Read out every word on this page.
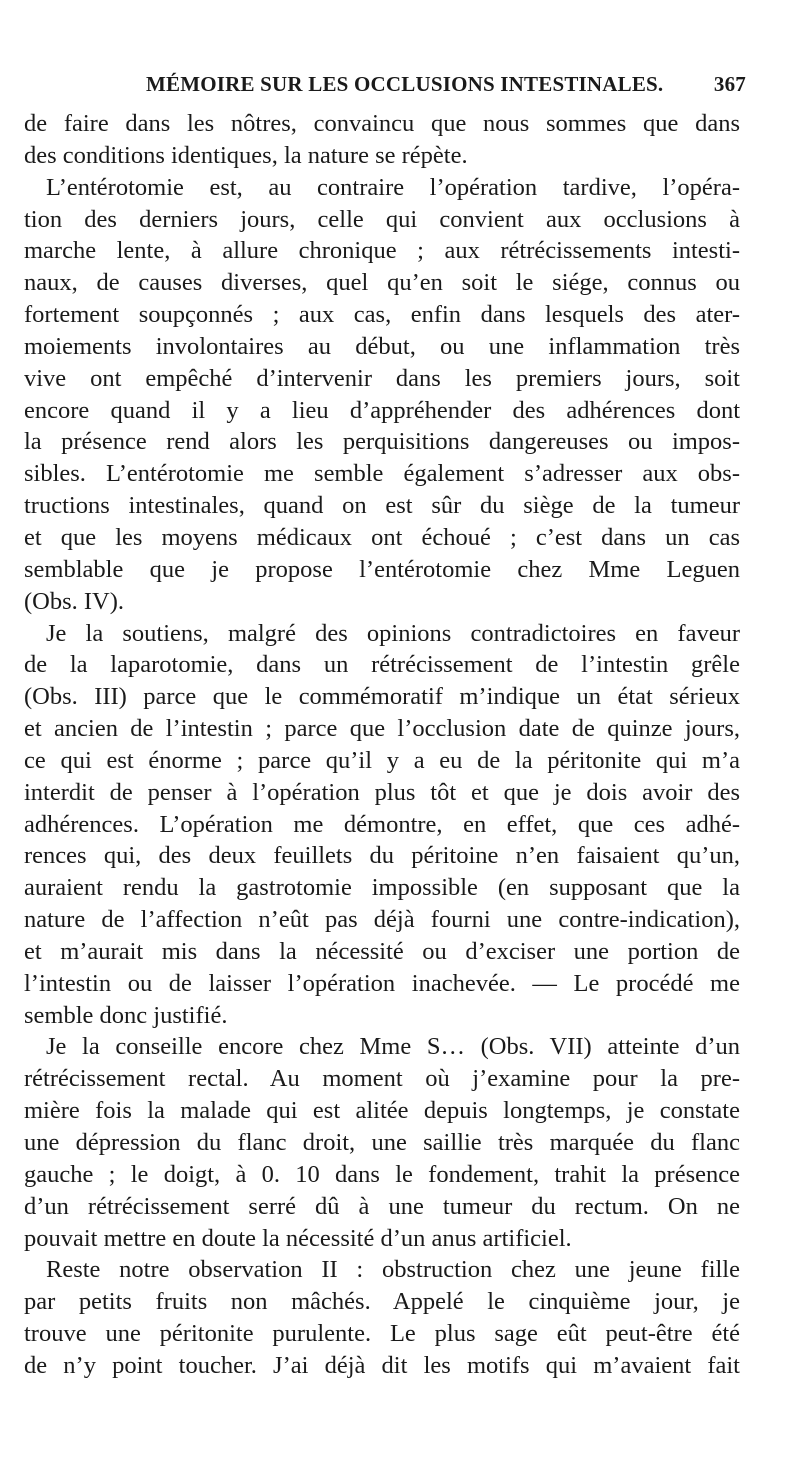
MÉMOIRE SUR LES OCCLUSIONS INTESTINALES. 367
de faire dans les nôtres, convaincu que nous sommes que dans
des conditions identiques, la nature se répète.
L’entérotomie est, au contraire l’opération tardive, l’opéra-
tion des derniers jours, celle qui convient aux occlusions à
marche lente, à allure chronique ; aux rétrécissements intesti-
naux, de causes diverses, quel qu’en soit le siége, connus ou
fortement soupçonnés ; aux cas, enfin dans lesquels des ater-
moiements involontaires au début, ou une inflammation très
vive ont empêché d’intervenir dans les premiers jours, soit
encore quand il y a lieu d’appréhender des adhérences dont
la présence rend alors les perquisitions dangereuses ou impos-
sibles. L’entérotomie me semble également s’adresser aux obs-
tructions intestinales, quand on est sûr du siège de la tumeur
et que les moyens médicaux ont échoué ; c’est dans un cas
semblable que je propose l’entérotomie chez Mme Leguen
(Obs. IV).
Je la soutiens, malgré des opinions contradictoires en faveur
de la laparotomie, dans un rétrécissement de l’intestin grêle
(Obs. III) parce que le commémoratif m’indique un état sérieux
et ancien de l’intestin ; parce que l’occlusion date de quinze jours,
ce qui est énorme ; parce qu’il y a eu de la péritonite qui m’a
interdit de penser à l’opération plus tôt et que je dois avoir des
adhérences. L’opération me démontre, en effet, que ces adhé-
rences qui, des deux feuillets du péritoine n’en faisaient qu’un,
auraient rendu la gastrotomie impossible (en supposant que la
nature de l’affection n’eût pas déjà fourni une contre-indication),
et m’aurait mis dans la nécessité ou d’exciser une portion de
l’intestin ou de laisser l’opération inachevée. — Le procédé me
semble donc justifié.
Je la conseille encore chez Mme S… (Obs. VII) atteinte d’un
rétrécissement rectal. Au moment où j’examine pour la pre-
mière fois la malade qui est alitée depuis longtemps, je constate
une dépression du flanc droit, une saillie très marquée du flanc
gauche ; le doigt, à 0. 10 dans le fondement, trahit la présence
d’un rétrécissement serré dû à une tumeur du rectum. On ne
pouvait mettre en doute la nécessité d’un anus artificiel.
Reste notre observation II : obstruction chez une jeune fille
par petits fruits non mâchés. Appelé le cinquième jour, je
trouve une péritonite purulente. Le plus sage eût peut-être été
de n’y point toucher. J’ai déjà dit les motifs qui m’avaient fait
